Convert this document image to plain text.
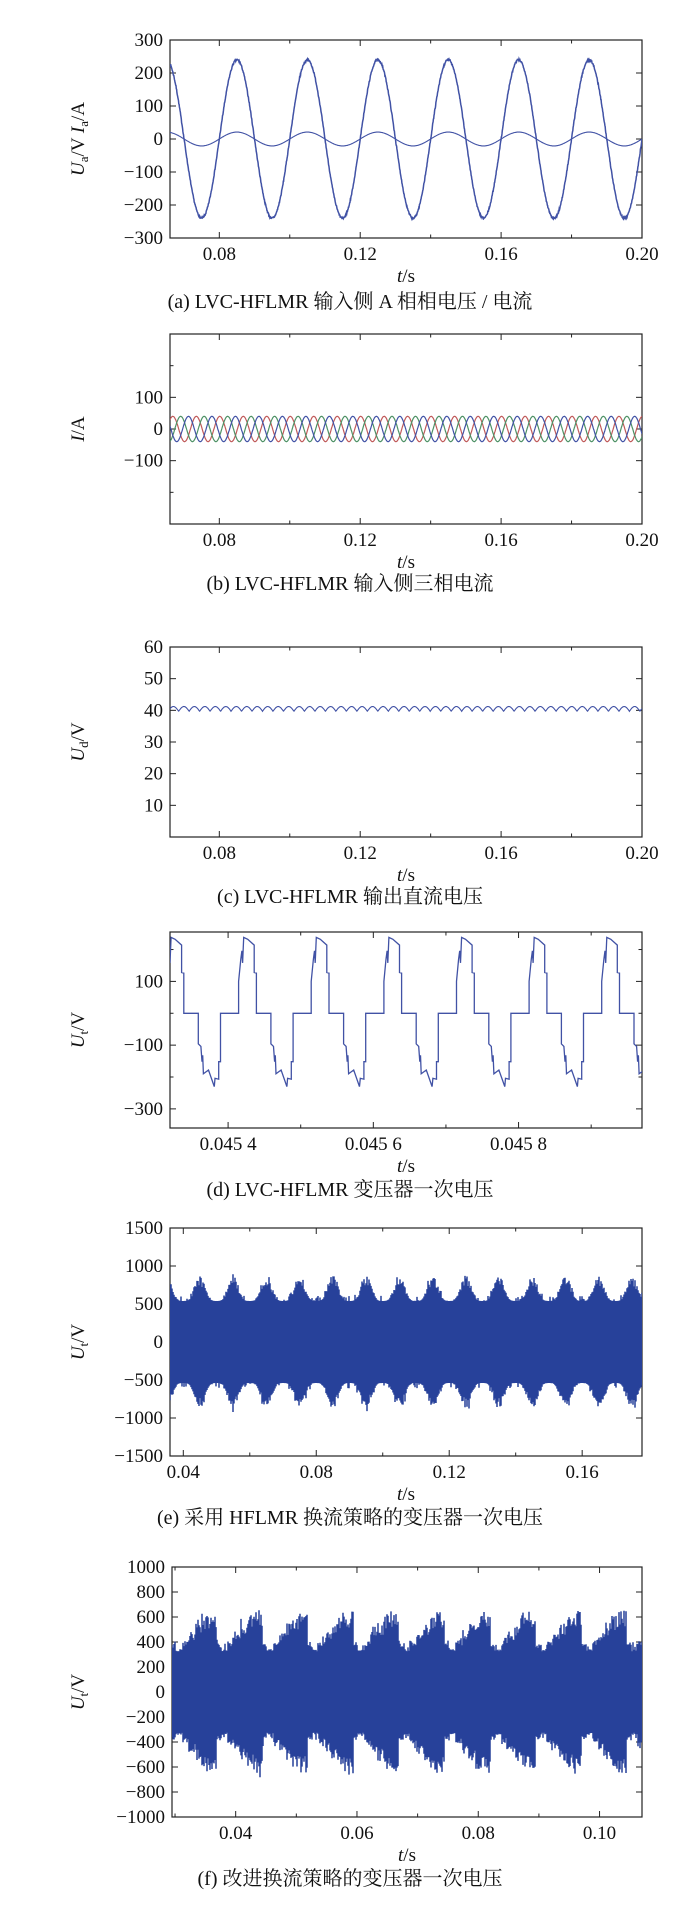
0.08	0.12	0.16	0.20
300
200
100
0
−100
−200
−300
t/s
$U_a/V$ $I_a/A$
(a) LVC-HFLMR 输入侧 A 相相电压 / 电流
0.08	0.12	0.16	0.20
100
0
−100
t/s
I/A
(b) LVC-HFLMR 输入侧三相电流
0.08	0.12	0.16	0.20
60
50
40
30
20
10
t/s
$U_d/V$
(c) LVC-HFLMR 输出直流电压
0.045 4	0.045 6	0.045 8
100
−100
−300
t/s
$U_t/V$
(d) LVC-HFLMR 变压器一次电压
0.04	0.08	0.12	0.16
1500
1000
500
0
−500
−1000
−1500
t/s
$U_t/V$
(e) 采用 HFLMR 换流策略的变压器一次电压
0.04	0.06	0.08	0.10
1000
800
600
400
200
0
−200
−400
−600
−800
−1000
t/s
$U_t/V$
(f) 改进换流策略的变压器一次电压
